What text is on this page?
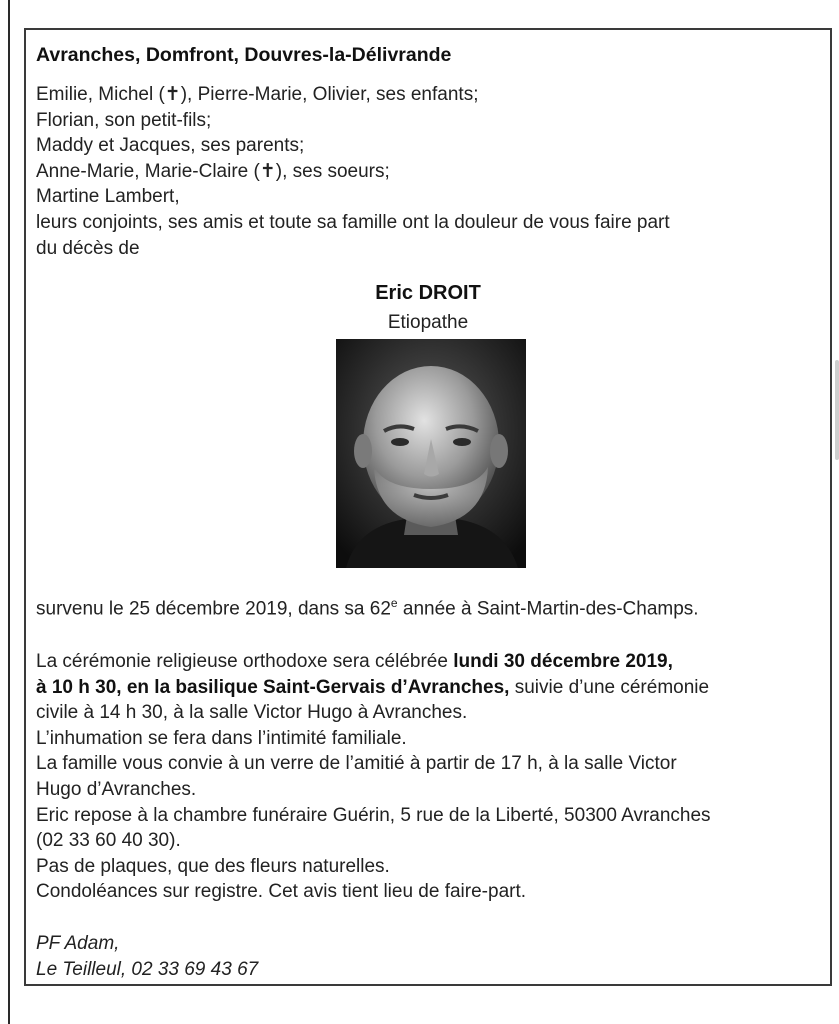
Avranches, Domfront, Douvres-la-Délivrande
Emilie, Michel (✝), Pierre-Marie, Olivier, ses enfants;
Florian, son petit-fils;
Maddy et Jacques, ses parents;
Anne-Marie, Marie-Claire (✝), ses soeurs;
Martine Lambert,
leurs conjoints, ses amis et toute sa famille ont la douleur de vous faire part
du décès de
Eric DROIT
Etiopathe
survenu le 25 décembre 2019, dans sa 62e année à Saint-Martin-des-Champs.
La cérémonie religieuse orthodoxe sera célébrée lundi 30 décembre 2019,
à 10 h 30, en la basilique Saint-Gervais d’Avranches, suivie d’une cérémonie
civile à 14 h 30, à la salle Victor Hugo à Avranches.
L’inhumation se fera dans l’intimité familiale.
La famille vous convie à un verre de l’amitié à partir de 17 h, à la salle Victor
Hugo d’Avranches.
Eric repose à la chambre funéraire Guérin, 5 rue de la Liberté, 50300 Avranches
(02 33 60 40 30).
Pas de plaques, que des fleurs naturelles.
Condoléances sur registre. Cet avis tient lieu de faire-part.
PF Adam,
Le Teilleul, 02 33 69 43 67
